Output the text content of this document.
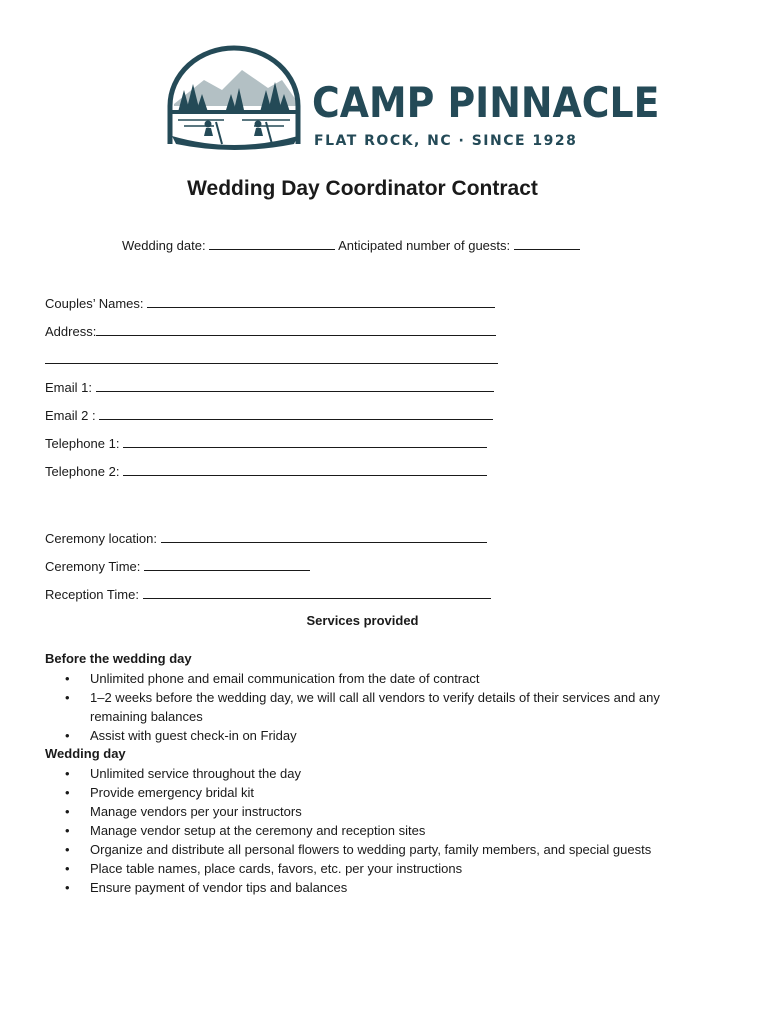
CAMP PINNACLE
FLAT ROCK, NC · SINCE 1928
Wedding Day Coordinator Contract
Wedding date:	Anticipated number of guests:
Couples’ Names:
Address:
Email 1:
Email 2 :
Telephone 1:
Telephone 2:
Ceremony location:
Ceremony Time:
Reception Time:
Services provided
Before the wedding day
• Unlimited phone and email communication from the date of contract
• 1–2 weeks before the wedding day, we will call all vendors to verify details of their services and any remaining balances
• Assist with guest check-in on Friday
Wedding day
• Unlimited service throughout the day
• Provide emergency bridal kit
• Manage vendors per your instructors
• Manage vendor setup at the ceremony and reception sites
• Organize and distribute all personal flowers to wedding party, family members, and special guests
• Place table names, place cards, favors, etc. per your instructions
• Ensure payment of vendor tips and balances
